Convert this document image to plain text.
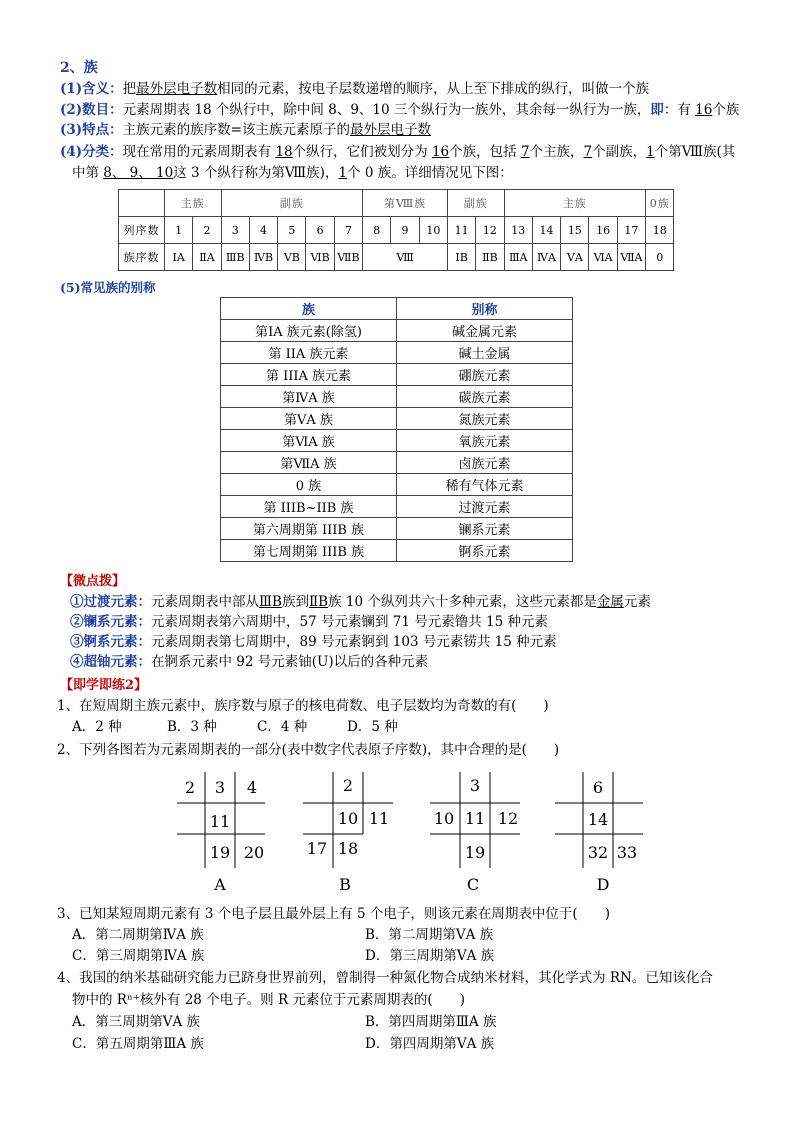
2、族
(1)含义：把最外层电子数相同的元素，按电子层数递增的顺序，从上至下排成的纵行，叫做一个族
(2)数目：元素周期表 18 个纵行中，除中间 8、9、10 三个纵行为一族外，其余每一纵行为一族，即：有 16个族
(3)特点：主族元素的族序数=该主族元素原子的最外层电子数
(4)分类：现在常用的元素周期表有 18个纵行，它们被划分为 16个族，包括 7个主族，7个副族，1个第Ⅷ族(其
中第 8、 9、 10这 3 个纵行称为第Ⅷ族)，1个 0 族。详细情况见下图：
	主族		副族					第Ⅷ族			副族		主族					0族
列序数	1	2	3	4	5	6	7	8	9	10	11	12	13	14	15	16	17	18
族序数	ⅠA	ⅡA	ⅢB	ⅣB	ⅤB	ⅥB	ⅦB	Ⅷ			ⅠB	ⅡB	ⅢA	ⅣA	ⅤA	ⅥA	ⅦA	0
(5)常见族的别称
族	别称
第ⅠA 族元素(除氢)	碱金属元素
第 IIA 族元素	碱土金属
第 IIIA 族元素	硼族元素
第ⅣA 族	碳族元素
第ⅤA 族	氮族元素
第ⅥA 族	氧族元素
第ⅦA 族	卤族元素
0 族	稀有气体元素
第 IIIB~IIB 族	过渡元素
第六周期第 IIIB 族	镧系元素
第七周期第 IIIB 族	锕系元素
【微点拨】
①过渡元素：元素周期表中部从ⅢB族到ⅡB族 10 个纵列共六十多种元素，这些元素都是金属元素
②镧系元素：元素周期表第六周期中，57 号元素镧到 71 号元素镥共 15 种元素
③锕系元素：元素周期表第七周期中，89 号元素锕到 103 号元素铹共 15 种元素
④超铀元素：在锕系元素中 92 号元素铀(U)以后的各种元素
【即学即练2】
1、在短周期主族元素中，族序数与原子的核电荷数、电子层数均为奇数的有(　　)
A．2 种	B．3 种	C．4 种	D．5 种
2、下列各图若为元素周期表的一部分(表中数字代表原子序数)，其中合理的是(　　)
2	3	4
11
19 20
A
2
10 11
17 18
B
3
10 11 12
19
C
6
14
32 33
D
3、已知某短周期元素有 3 个电子层且最外层上有 5 个电子，则该元素在周期表中位于(　　)
A．第二周期第ⅣA 族	B．第二周期第ⅤA 族
C．第三周期第ⅣA 族	D．第三周期第ⅤA 族
4、我国的纳米基础研究能力已跻身世界前列，曾制得一种氮化物合成纳米材料，其化学式为 RN。已知该化合
物中的 Rⁿ⁺核外有 28 个电子。则 R 元素位于元素周期表的(　　)
A．第三周期第ⅤA 族	B．第四周期第ⅢA 族
C．第五周期第ⅢA 族	D．第四周期第ⅤA 族
